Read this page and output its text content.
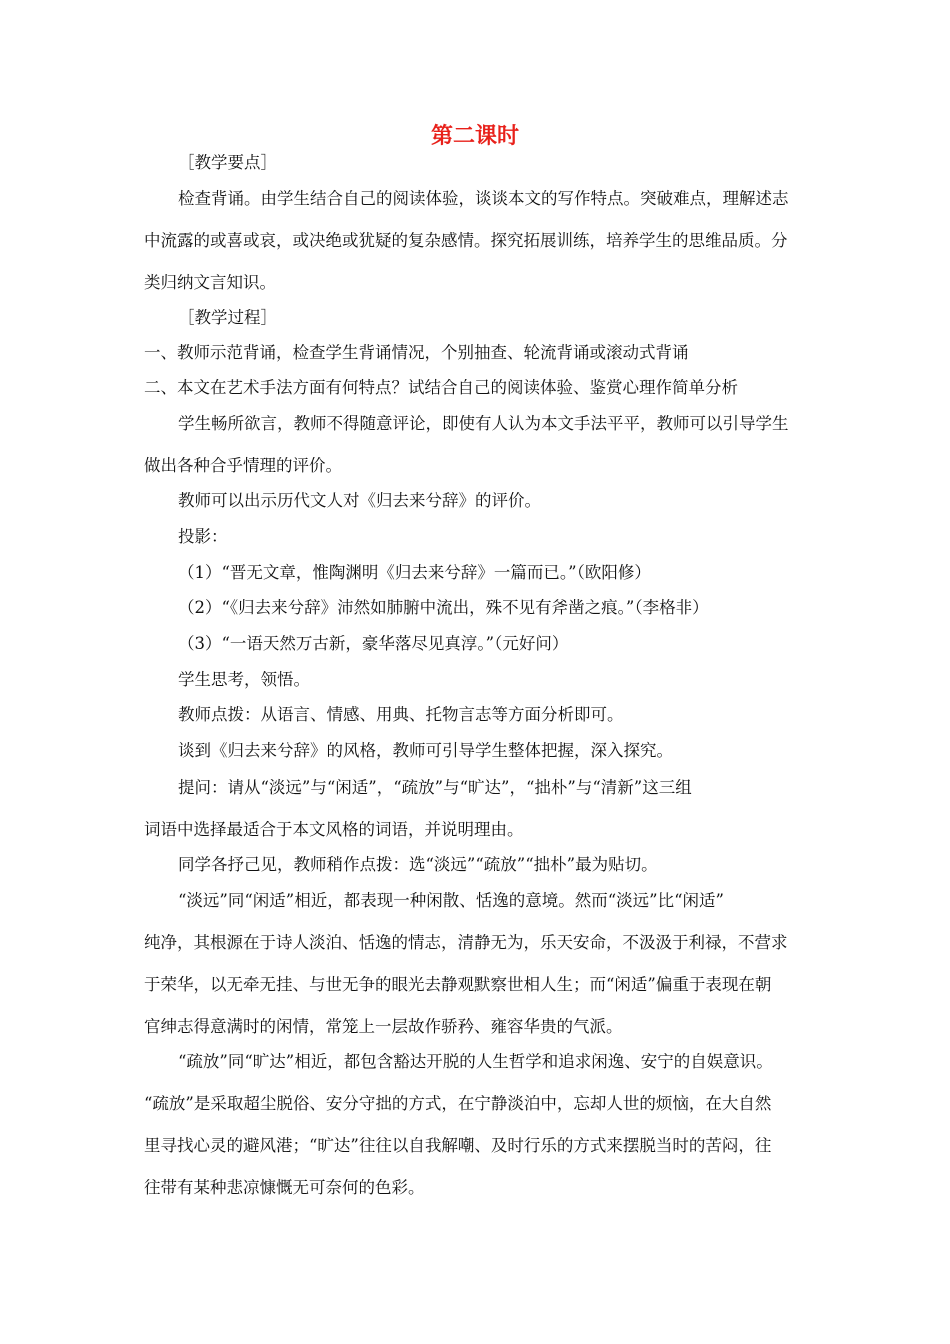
第二课时
［教学要点］
检查背诵。由学生结合自己的阅读体验，谈谈本文的写作特点。突破难点，理解述志
中流露的或喜或哀，或决绝或犹疑的复杂感情。探究拓展训练，培养学生的思维品质。分
类归纳文言知识。
［教学过程］
一、教师示范背诵，检查学生背诵情况，个别抽查、轮流背诵或滚动式背诵
二、本文在艺术手法方面有何特点？试结合自己的阅读体验、鉴赏心理作简单分析
学生畅所欲言，教师不得随意评论，即使有人认为本文手法平平，教师可以引导学生
做出各种合乎情理的评价。
教师可以出示历代文人对《归去来兮辞》的评价。
投影：
（1）“晋无文章，惟陶渊明《归去来兮辞》一篇而已。”（欧阳修）
（2）“《归去来兮辞》沛然如肺腑中流出，殊不见有斧凿之痕。”（李格非）
（3）“一语天然万古新，豪华落尽见真淳。”（元好问）
学生思考，领悟。
教师点拨：从语言、情感、用典、托物言志等方面分析即可。
谈到《归去来兮辞》的风格，教师可引导学生整体把握，深入探究。
提问：请从“淡远”与“闲适”，“疏放”与“旷达”，“拙朴”与“清新”这三组
词语中选择最适合于本文风格的词语，并说明理由。
同学各抒己见，教师稍作点拨：选“淡远”“疏放”“拙朴”最为贴切。
“淡远”同“闲适”相近，都表现一种闲散、恬逸的意境。然而“淡远”比“闲适”
纯净，其根源在于诗人淡泊、恬逸的情志，清静无为，乐天安命，不汲汲于利禄，不营求
于荣华，以无牵无挂、与世无争的眼光去静观默察世相人生；而“闲适”偏重于表现在朝
官绅志得意满时的闲情，常笼上一层故作骄矜、雍容华贵的气派。
“疏放”同“旷达”相近，都包含豁达开脱的人生哲学和追求闲逸、安宁的自娱意识。
“疏放”是采取超尘脱俗、安分守拙的方式，在宁静淡泊中，忘却人世的烦恼，在大自然
里寻找心灵的避风港；“旷达”往往以自我解嘲、及时行乐的方式来摆脱当时的苦闷，往
往带有某种悲凉慷慨无可奈何的色彩。
